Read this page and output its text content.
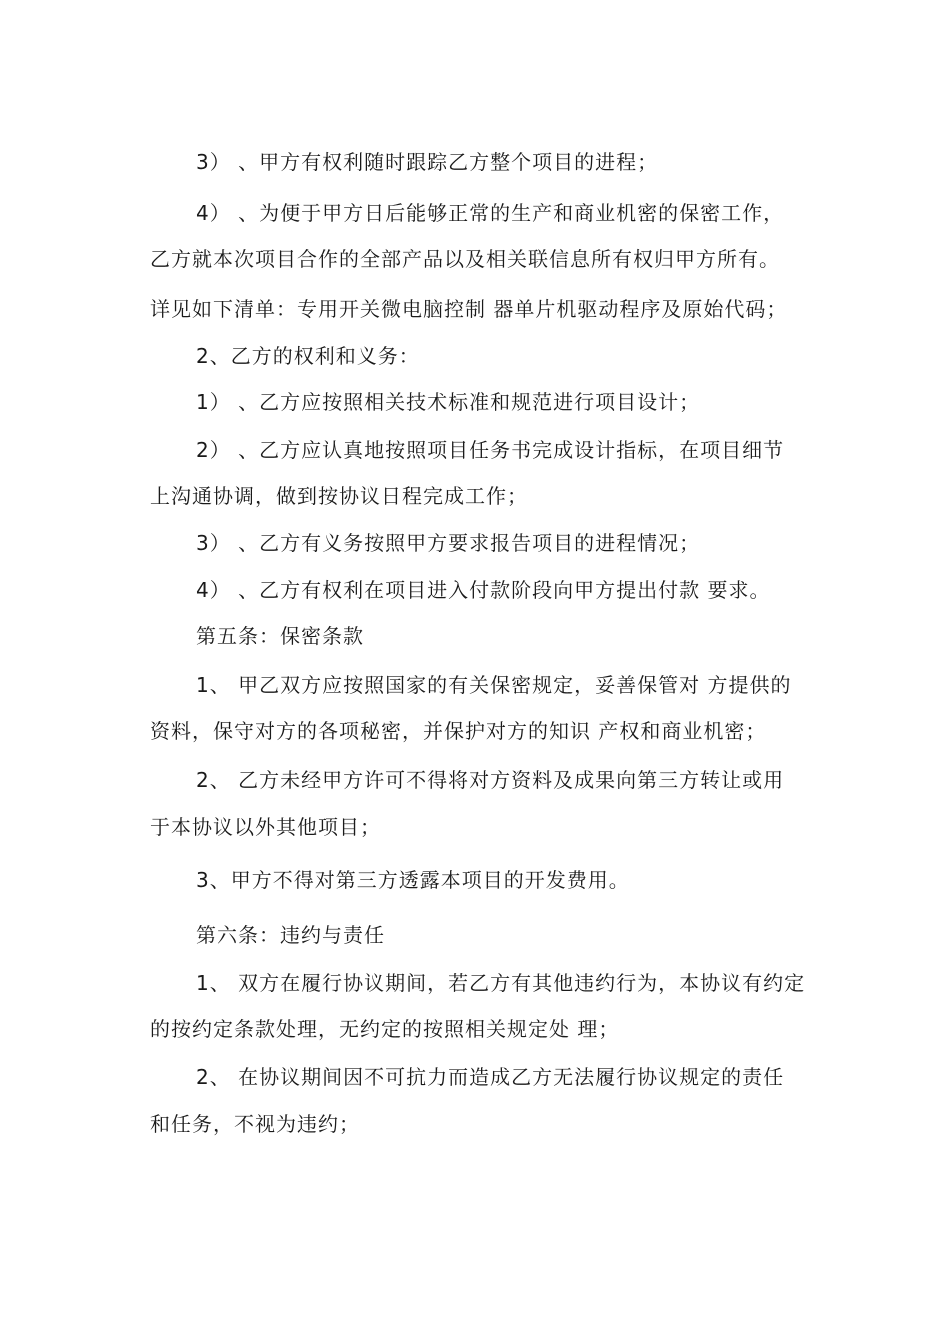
3） 、甲方有权利随时跟踪乙方整个项目的进程；
4） 、为便于甲方日后能够正常的生产和商业机密的保密工作，
乙方就本次项目合作的全部产品以及相关联信息所有权归甲方所有。
详见如下清单：专用开关微电脑控制 器单片机驱动程序及原始代码；
2、乙方的权利和义务：
1） 、乙方应按照相关技术标准和规范进行项目设计；
2） 、乙方应认真地按照项目任务书完成设计指标，在项目细节
上沟通协调，做到按协议日程完成工作；
3） 、乙方有义务按照甲方要求报告项目的进程情况；
4） 、乙方有权利在项目进入付款阶段向甲方提出付款 要求。
第五条：保密条款
1、 甲乙双方应按照国家的有关保密规定，妥善保管对 方提供的
资料，保守对方的各项秘密，并保护对方的知识 产权和商业机密；
2、 乙方未经甲方许可不得将对方资料及成果向第三方转让或用
于本协议以外其他项目；
3、甲方不得对第三方透露本项目的开发费用。
第六条：违约与责任
1、 双方在履行协议期间，若乙方有其他违约行为，本协议有约定
的按约定条款处理，无约定的按照相关规定处 理；
2、 在协议期间因不可抗力而造成乙方无法履行协议规定的责任
和任务，不视为违约；
